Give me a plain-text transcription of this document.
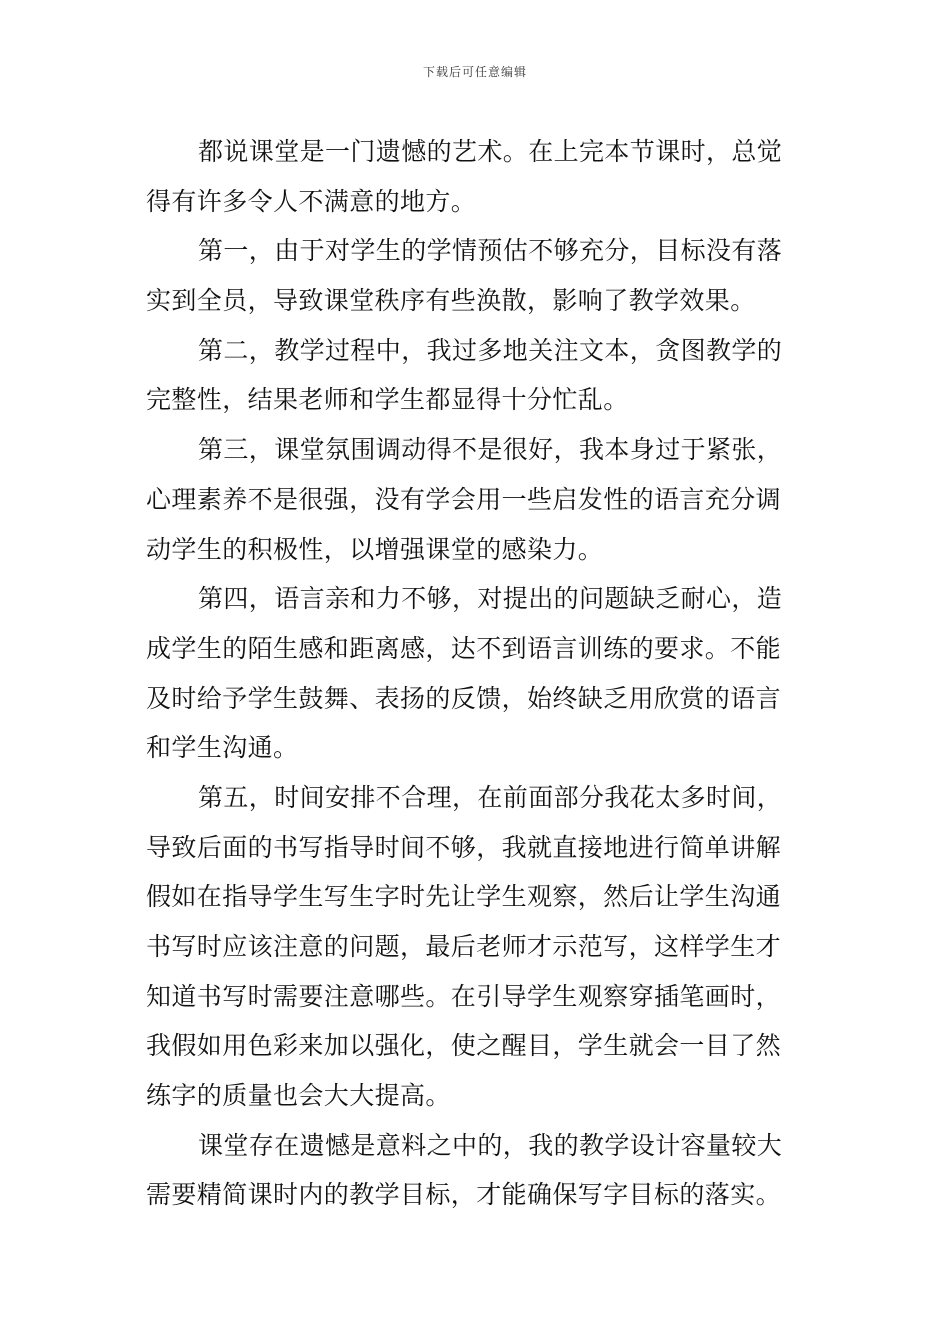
下载后可任意编辑
都说课堂是一门遗憾的艺术。在上完本节课时，总觉
得有许多令人不满意的地方。
第一，由于对学生的学情预估不够充分，目标没有落
实到全员，导致课堂秩序有些涣散，影响了教学效果。
第二，教学过程中，我过多地关注文本，贪图教学的
完整性，结果老师和学生都显得十分忙乱。
第三，课堂氛围调动得不是很好，我本身过于紧张，
心理素养不是很强，没有学会用一些启发性的语言充分调
动学生的积极性，以增强课堂的感染力。
第四，语言亲和力不够，对提出的问题缺乏耐心，造
成学生的陌生感和距离感，达不到语言训练的要求。不能
及时给予学生鼓舞、表扬的反馈，始终缺乏用欣赏的语言
和学生沟通。
第五，时间安排不合理，在前面部分我花太多时间，
导致后面的书写指导时间不够，我就直接地进行简单讲解
假如在指导学生写生字时先让学生观察，然后让学生沟通
书写时应该注意的问题，最后老师才示范写，这样学生才
知道书写时需要注意哪些。在引导学生观察穿插笔画时，
我假如用色彩来加以强化，使之醒目，学生就会一目了然
练字的质量也会大大提高。
课堂存在遗憾是意料之中的，我的教学设计容量较大
需要精简课时内的教学目标，才能确保写字目标的落实。
